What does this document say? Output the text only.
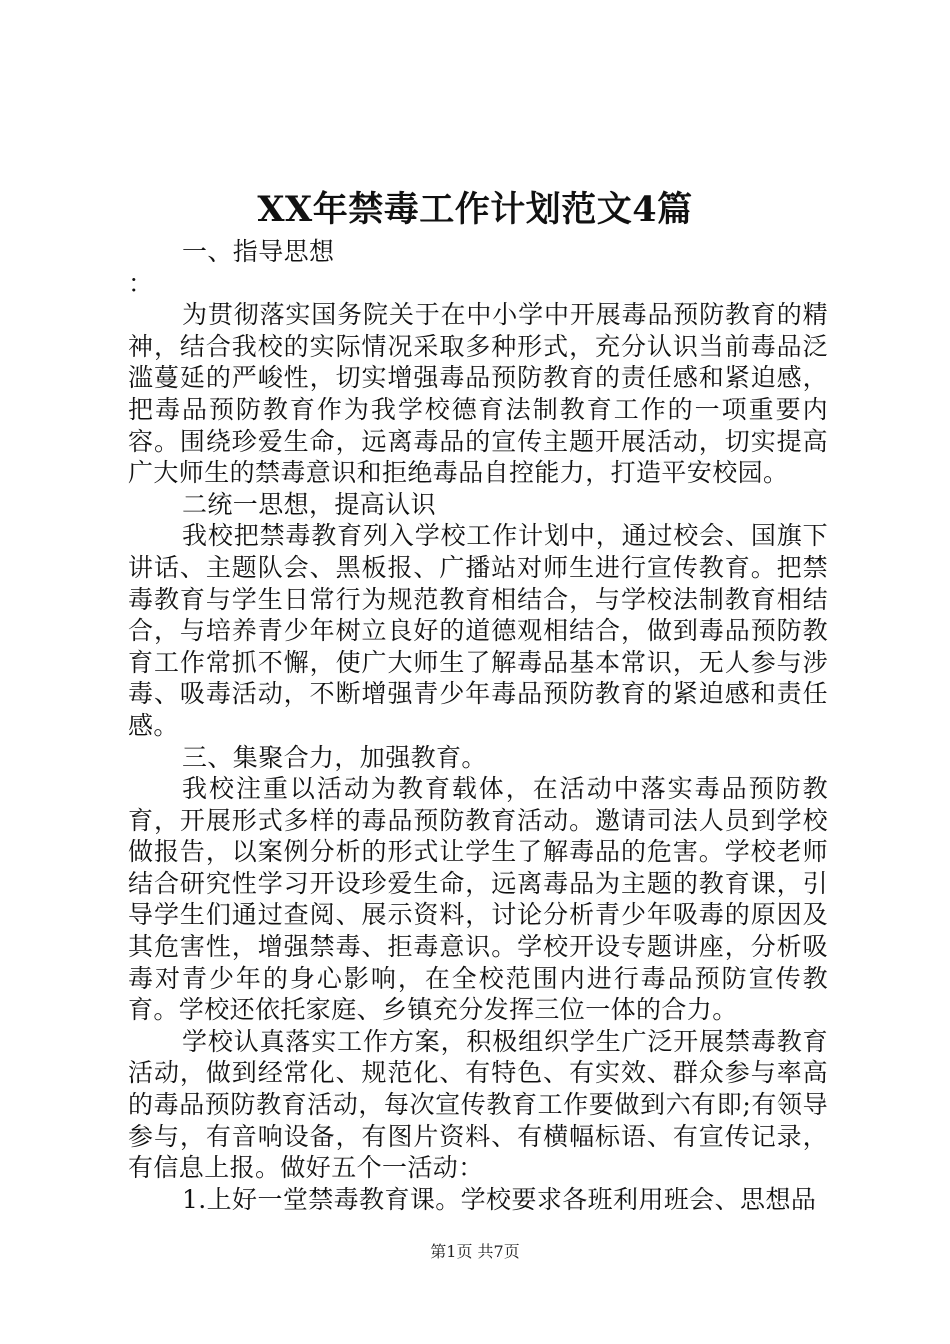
XX年禁毒工作计划范文4篇

一、指导思想

：

为贯彻落实国务院关于在中小学中开展毒品预防教育的精神，结合我校的实际情况采取多种形式，充分认识当前毒品泛滥蔓延的严峻性，切实增强毒品预防教育的责任感和紧迫感，把毒品预防教育作为我学校德育法制教育工作的一项重要内容。围绕珍爱生命，远离毒品的宣传主题开展活动，切实提高广大师生的禁毒意识和拒绝毒品自控能力，打造平安校园。

二统一思想，提高认识

我校把禁毒教育列入学校工作计划中，通过校会、国旗下讲话、主题队会、黑板报、广播站对师生进行宣传教育。把禁毒教育与学生日常行为规范教育相结合，与学校法制教育相结合，与培养青少年树立良好的道德观相结合，做到毒品预防教育工作常抓不懈，使广大师生了解毒品基本常识，无人参与涉毒、吸毒活动，不断增强青少年毒品预防教育的紧迫感和责任感。

三、集聚合力，加强教育。

我校注重以活动为教育载体，在活动中落实毒品预防教育，开展形式多样的毒品预防教育活动。邀请司法人员到学校做报告，以案例分析的形式让学生了解毒品的危害。学校老师结合研究性学习开设珍爱生命，远离毒品为主题的教育课，引导学生们通过查阅、展示资料，讨论分析青少年吸毒的原因及其危害性，增强禁毒、拒毒意识。学校开设专题讲座，分析吸毒对青少年的身心影响，在全校范围内进行毒品预防宣传教育。学校还依托家庭、乡镇充分发挥三位一体的合力。

学校认真落实工作方案，积极组织学生广泛开展禁毒教育活动，做到经常化、规范化、有特色、有实效、群众参与率高的毒品预防教育活动，每次宣传教育工作要做到六有即;有领导参与，有音响设备，有图片资料、有横幅标语、有宣传记录，有信息上报。做好五个一活动：

1.上好一堂禁毒教育课。学校要求各班利用班会、思想品

第1页 共7页
